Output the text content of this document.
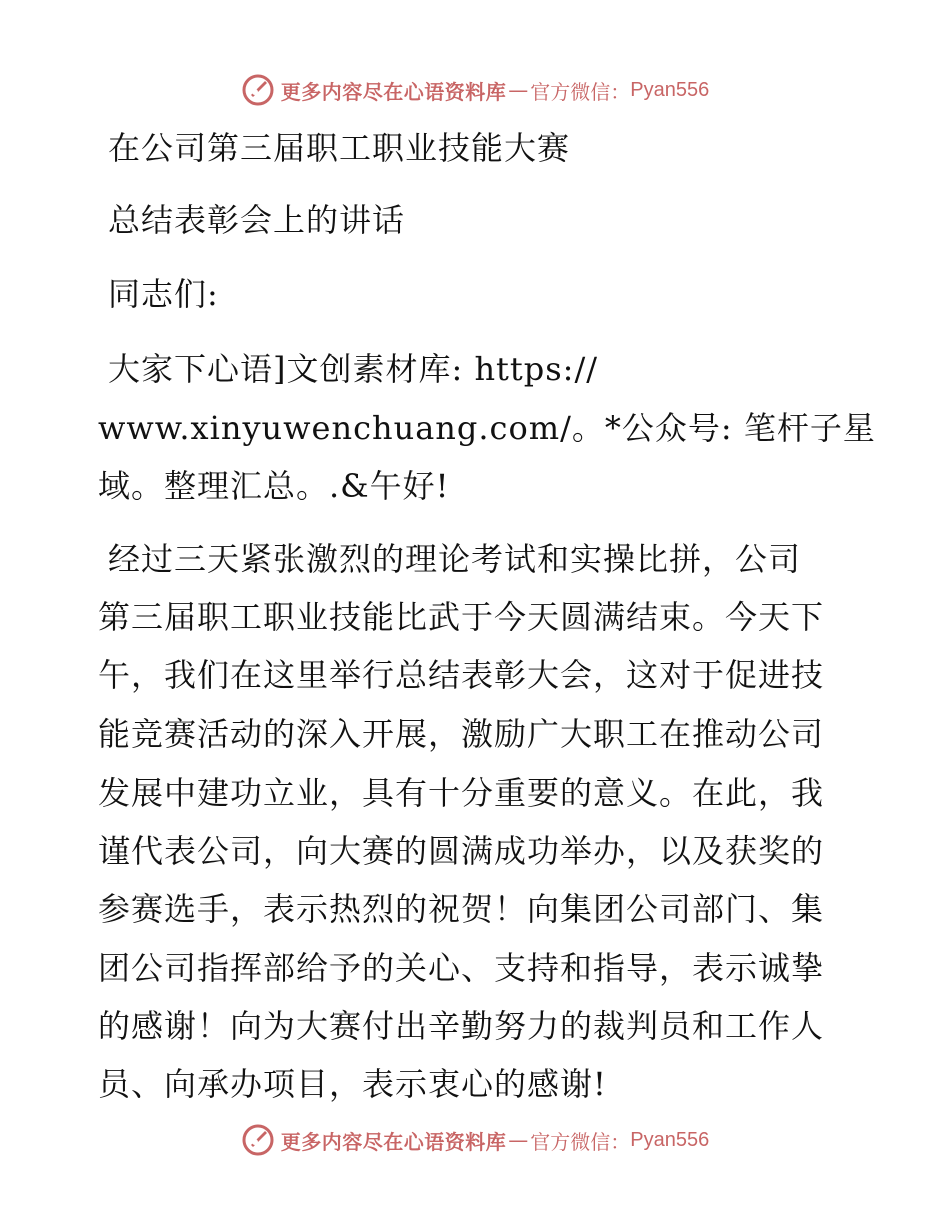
更多内容尽在心语资料库 — 官方微信： Pyan556
在公司第三届职工职业技能大赛
总结表彰会上的讲话
同志们:
大家下心语]文创素材库: https://
www.xinyuwenchuang.com/。*公众号: 笔杆子星
域。整理汇总。.&午好!
经过三天紧张激烈的理论考试和实操比拼，公司
第三届职工职业技能比武于今天圆满结束。今天下
午，我们在这里举行总结表彰大会，这对于促进技
能竞赛活动的深入开展，激励广大职工在推动公司
发展中建功立业，具有十分重要的意义。在此，我
谨代表公司，向大赛的圆满成功举办，以及获奖的
参赛选手，表示热烈的祝贺！向集团公司部门、集
团公司指挥部给予的关心、支持和指导，表示诚挚
的感谢！向为大赛付出辛勤努力的裁判员和工作人
员、向承办项目，表示衷心的感谢!
更多内容尽在心语资料库 — 官方微信： Pyan556
